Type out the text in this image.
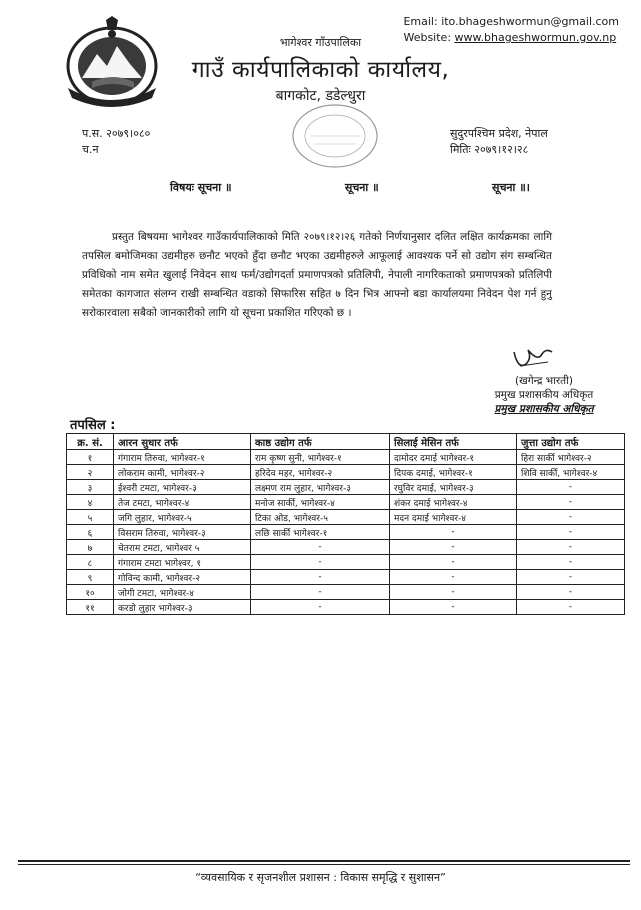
Email: ito.bhageshwormun@gmail.com
Website: www.bhageshwormun.gov.np
भागेश्वर गाँउपालिका
गाउँ कार्यपालिकाको कार्यालय,
बागकोट, डडेल्धुरा
प.स. २०७९।०८०
च.न
सुदुरपश्चिम प्रदेश, नेपाल
मितिः २०७९।१२।२८
विषयः सूचना ॥	सूचना ॥	सूचना ॥।
प्रस्तुत बिषयमा भागेश्वर गाउँकार्यपालिकाको मिति २०७९।१२।२६ गतेको निर्णयानुसार दलित लक्षित कार्यक्रमका लागि तपसिल बमोजिमका उद्यमीहरु छनौट भएको हुँदा छनौट भएका उद्यमीहरुले आफूलाई आवश्यक पर्ने सो उद्योग संग सम्बन्धित प्रविधिको नाम समेत खुलाई निवेदन साथ फर्म/उद्योगदर्ता प्रमाणपत्रको प्रतिलिपी, नेपाली नागरिकताको प्रमाणपत्रको प्रतिलिपी समेतका कागजात संलग्न राखी सम्बन्धित वडाको सिफारिस सहित ७ दिन भित्र आफ्नो बडा कार्यालयमा निवेदन पेश गर्न हुनु सरोकारवाला सबैको जानकारीको लागि यो सूचना प्रकाशित गरिएको छ ।
(खगेन्द्र भारती)
प्रमुख प्रशासकीय अधिकृत
प्रमुख प्रशासकीय अधिकृत
तपसिल :
क्र. सं.	आरन सुधार तर्फ	काष्ठ उद्योग तर्फ	सिलाई मेसिन तर्फ	जुत्ता उद्योग तर्फ
१	गंगाराम तिरुवा, भागेश्वर-१	राम कृष्ण सुनी, भागेश्वर-१	दामोदर दमाई भागेश्वर-१	हिरा सार्की भागेश्वर-२
२	लोकराम कामी, भागेश्वर-२	हरिदेव महर, भागेश्वर-२	दिपक दमाई, भागेश्वर-१	शिवि सार्की, भागेश्वर-४
३	ईश्वरी टमटा, भागेश्वर-३	लक्ष्मण राम लुहार, भागेश्वर-३	रघुविर दमाई, भागेश्वर-३	-
४	तेज टमटा, भागेश्वर-४	मनोज सार्की, भागेश्वर-४	शंकर दमाई भागेश्वर-४	-
५	जगि लुहार, भागेश्वर-५	टिका ओड, भागेश्वर-५	मदन दमाई भागेश्वर-४	-
६	विसराम तिरुवा, भागेश्वर-३	लछि सार्की भागेश्वर-१	-	-
७	चेतराम टमटा, भागेश्वर ५	-	-	-
८	गंगाराम टमटा भागेश्वर, १	-	-	-
९	गोविन्द कामी, भागेश्वर-२	-	-	-
१०	जोगी टमटा, भागेश्वर-४	-	-	-
११	करडो लुहार भागेश्वर-३	-	-	-
“व्यवसायिक र सृजनशील प्रशासन : विकास समृद्धि र सुशासन”
